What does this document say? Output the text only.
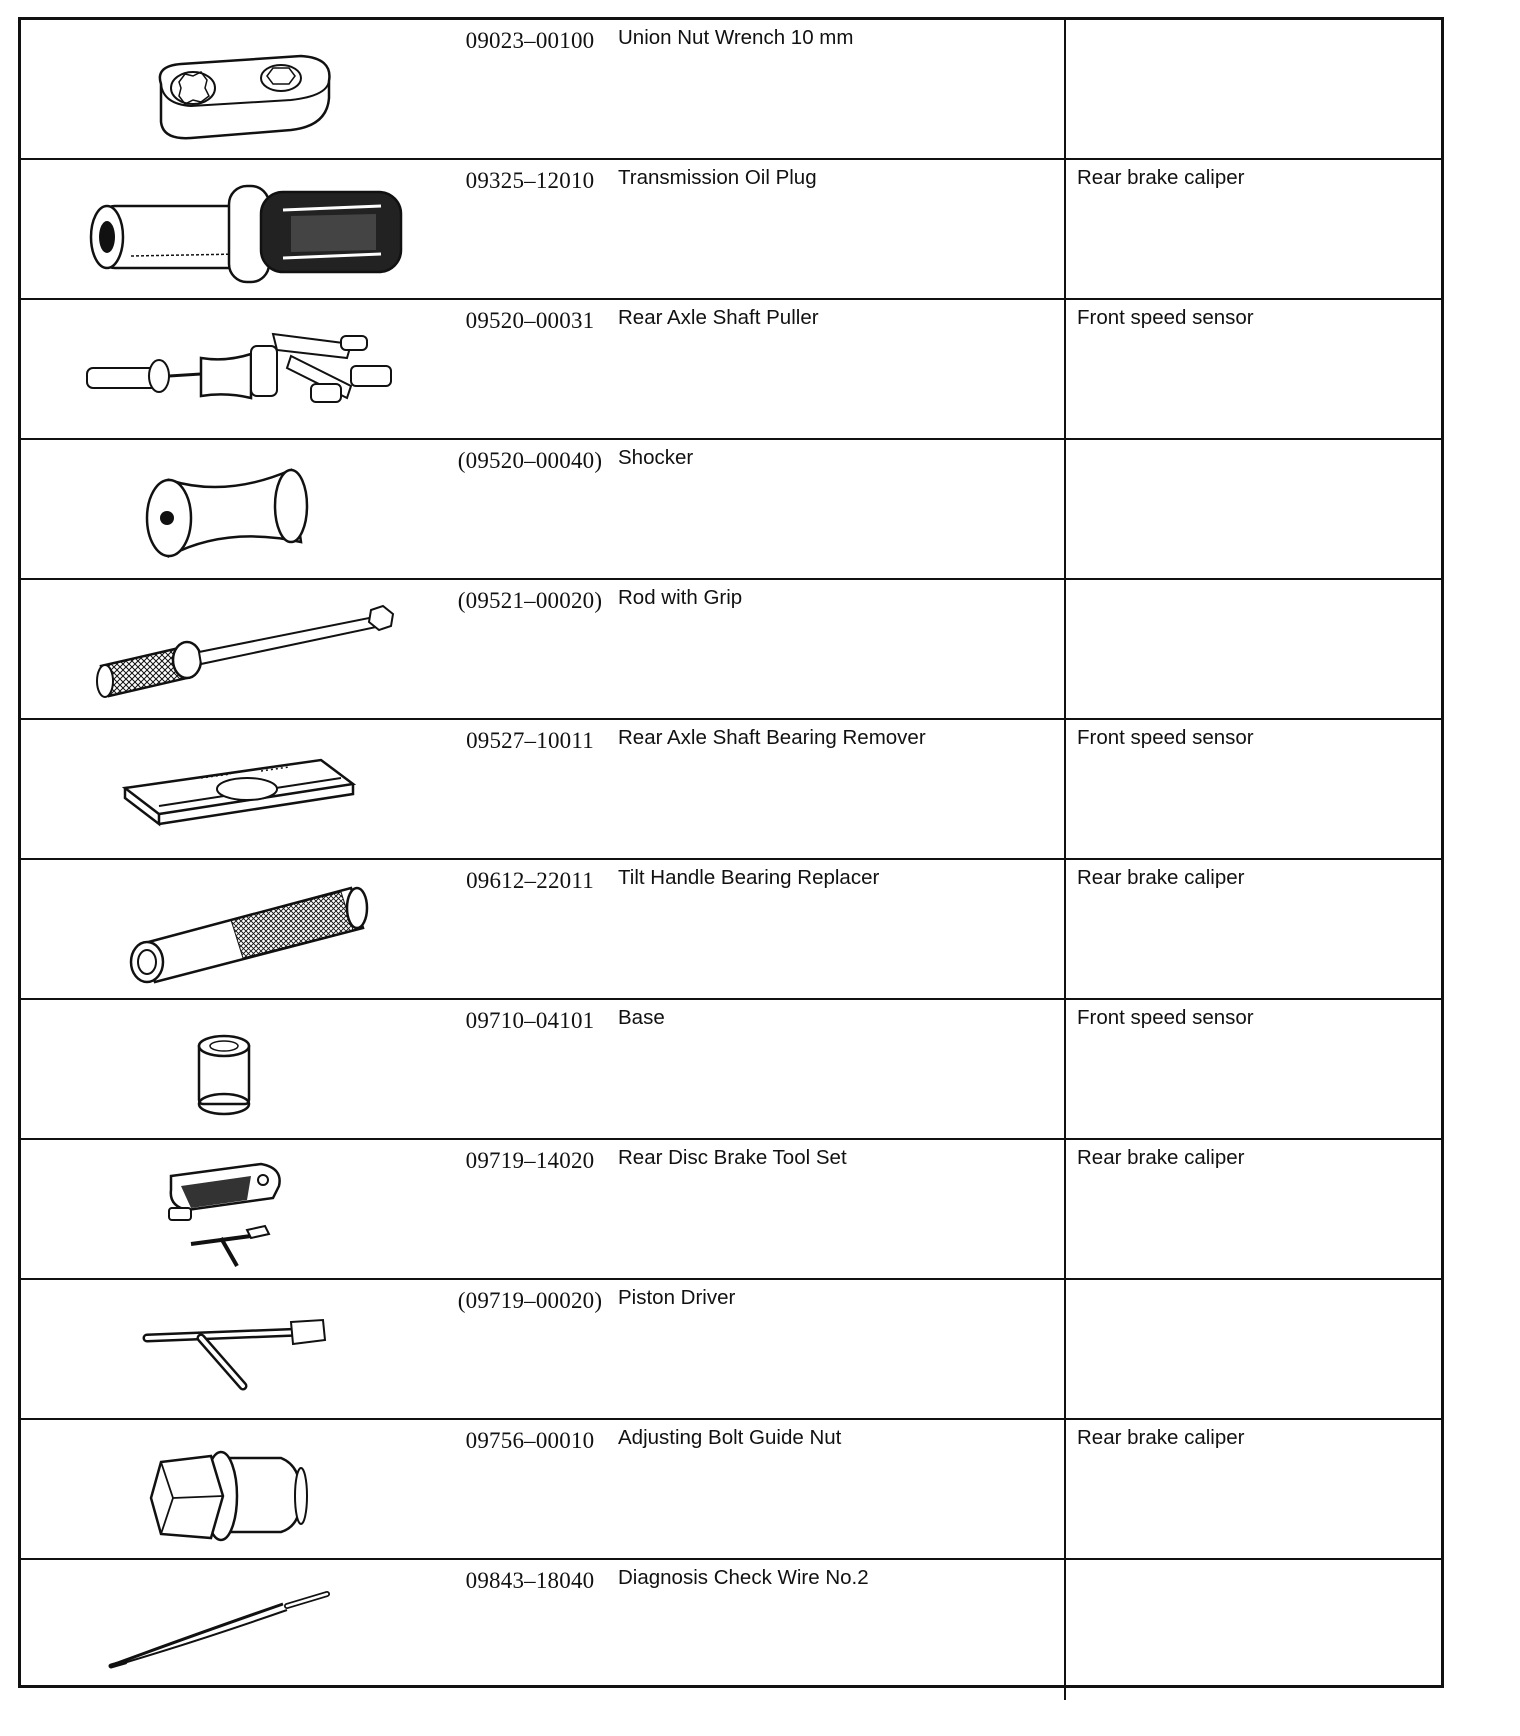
09023–00100	Union Nut Wrench 10 mm
09325–12010	Transmission Oil Plug	Rear brake caliper
09520–00031	Rear Axle Shaft Puller	Front speed sensor
(09520–00040) Shocker
(09521–00020) Rod with Grip
09527–10011	Rear Axle Shaft Bearing Remover	Front speed sensor
09612–22011	Tilt Handle Bearing Replacer	Rear brake caliper
09710–04101	Base	Front speed sensor
09719–14020	Rear Disc Brake Tool Set	Rear brake caliper
(09719–00020) Piston Driver
09756–00010	Adjusting Bolt Guide Nut	Rear brake caliper
09843–18040	Diagnosis Check Wire No.2
